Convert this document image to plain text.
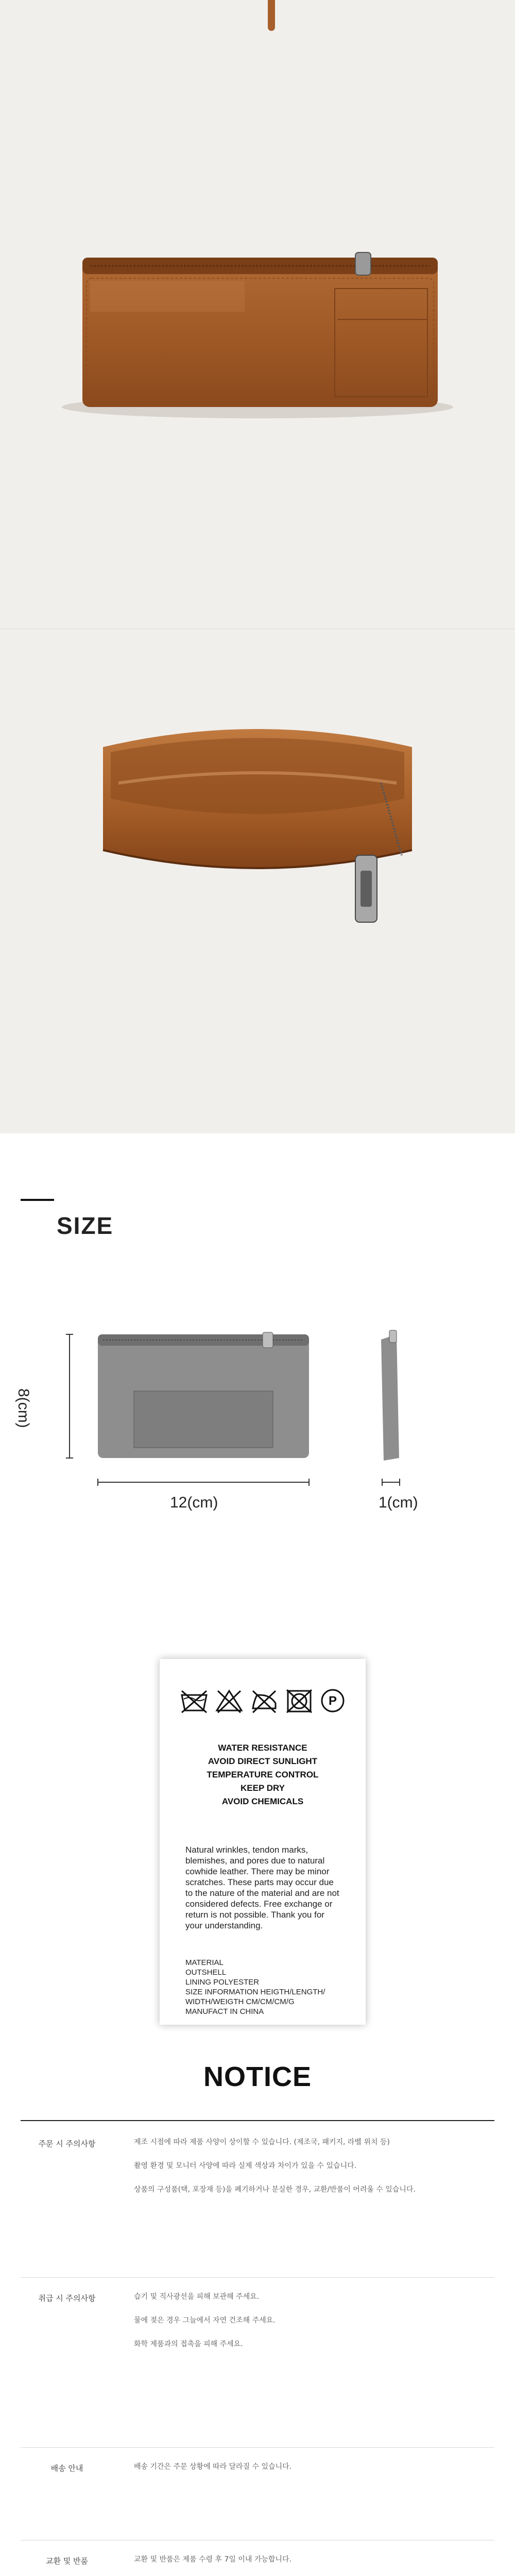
SIZE
8(cm)
12(cm)	1(cm)
P
WATER RESISTANCE
AVOID DIRECT SUNLIGHT
TEMPERATURE CONTROL
KEEP DRY
AVOID CHEMICALS
Natural wrinkles, tendon marks, blemishes, and pores due to natural cowhide leather. There may be minor scratches. These parts may occur due to the nature of the material and are not considered defects. Free exchange or return is not possible. Thank you for your understanding.
MATERIAL
OUTSHELL
LINING POLYESTER
SIZE INFORMATION HEIGTH/LENGTH/
WIDTH/WEIGTH CM/CM/CM/G
MANUFACT IN CHINA
NOTICE
주문 시 주의사항	제조 시점에 따라 제품 사양이 상이할 수 있습니다. (제조국, 패키지, 라벨 위치 등)

촬영 환경 및 모니터 사양에 따라 실제 색상과 차이가 있을 수 있습니다.

상품의 구성품(택, 포장재 등)을 폐기하거나 분실한 경우, 교환/반품이 어려울 수 있습니다.

취급 시 주의사항	습기 및 직사광선을 피해 보관해 주세요.

물에 젖은 경우 그늘에서 자연 건조해 주세요.

화학 제품과의 접촉을 피해 주세요.

배송 안내	배송 기간은 주문 상황에 따라 달라질 수 있습니다.

교환 및 반품	교환 및 반품은 제품 수령 후 7일 이내 가능합니다.
